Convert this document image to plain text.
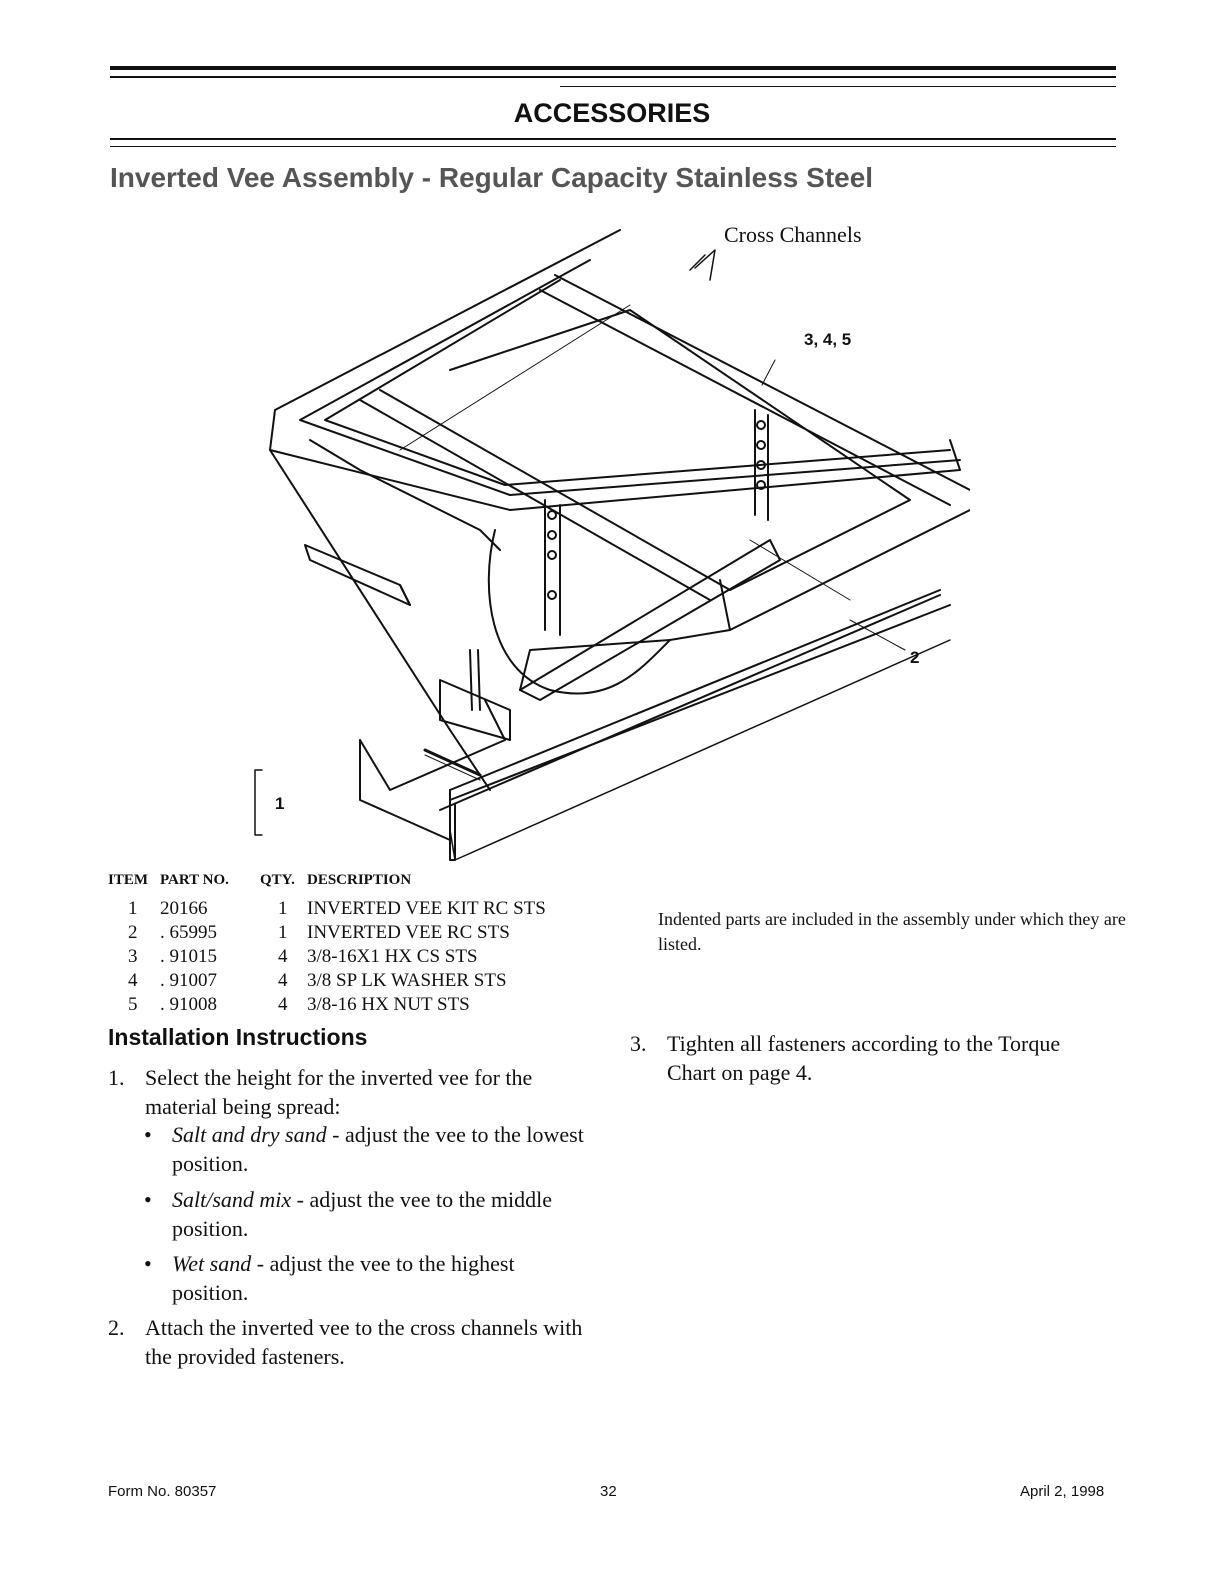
ACCESSORIES
Inverted Vee Assembly - Regular Capacity Stainless Steel
Cross Channels
3, 4, 5
2
1
ITEM PART NO. QTY. DESCRIPTION
1 20166	1 INVERTED VEE KIT RC STS
2 . 65995	1 INVERTED VEE RC STS
3 . 91015	4 3/8-16X1 HX CS STS
4 . 91007	4 3/8 SP LK WASHER STS
5 . 91008	4 3/8-16 HX NUT STS
Indented parts are included in the assembly under which they are listed.
Installation Instructions
1. Select the height for the inverted vee for the material being spread:
• Salt and dry sand - adjust the vee to the lowest position.
• Salt/sand mix - adjust the vee to the middle position.
• Wet sand - adjust the vee to the highest position.
2. Attach the inverted vee to the cross channels with the provided fasteners.
3. Tighten all fasteners according to the Torque Chart on page 4.
Form No. 80357	32	April 2, 1998
